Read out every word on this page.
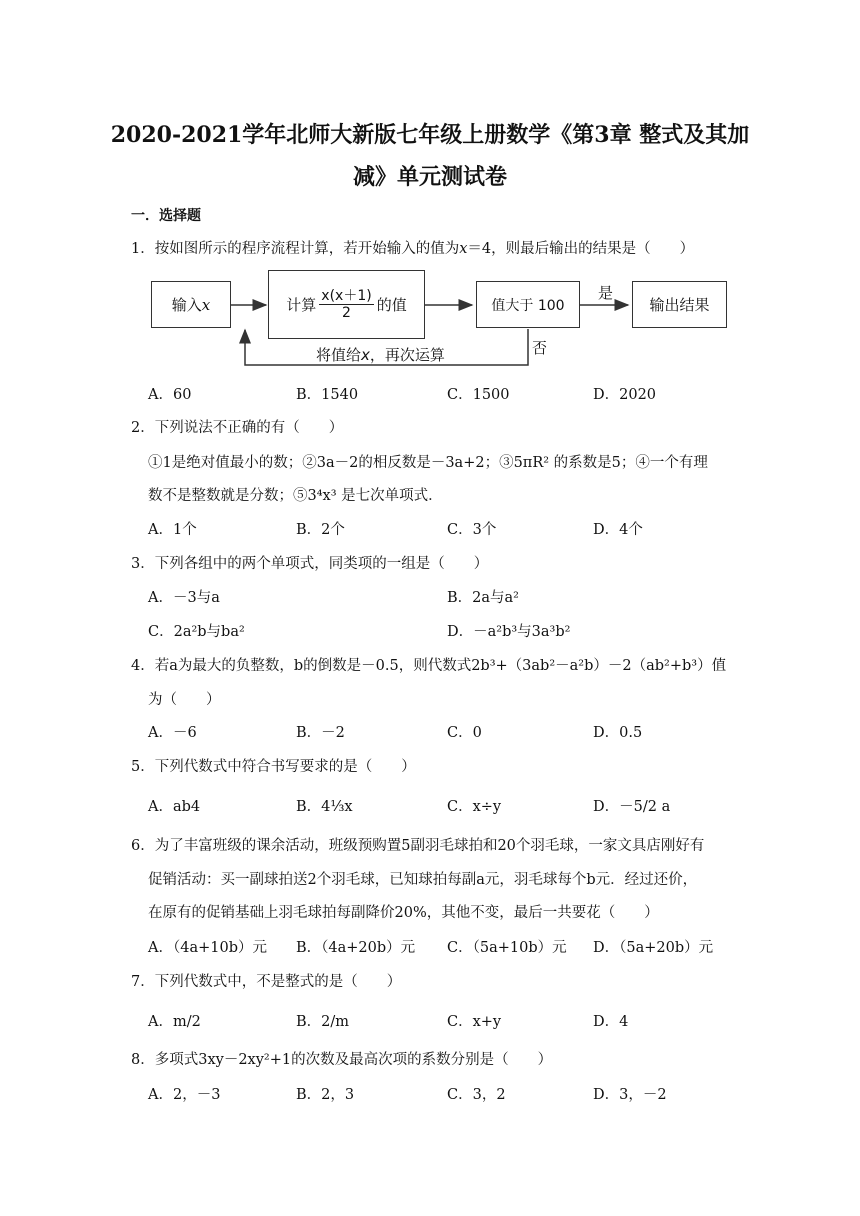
2020-2021学年北师大新版七年级上册数学《第3章 整式及其加
减》单元测试卷
一．选择题
1．按如图所示的程序流程计算，若开始输入的值为x＝4，则最后输出的结果是（　　）
输入 x	计算 $\frac{x(x+1)}{2}$ 的值	值大于 100
是
输出结果
否
将值给x，再次运算
A．60	B．1540	C．1500	D．2020
2．下列说法不正确的有（　　）
①1是绝对值最小的数；②3a－2的相反数是－3a+2；③5πR² 的系数是5；④一个有理
数不是整数就是分数；⑤3⁴x³ 是七次单项式．
A．1个	B．2个	C．3个	D．4个
3．下列各组中的两个单项式，同类项的一组是（　　）
A．－3与a	B．2a与a²
C．2a²b与ba²	D．－a²b³与3a³b²
4．若a为最大的负整数，b的倒数是－0.5，则代数式2b³+（3ab²－a²b）－2（ab²+b³）值
为（　　）
A．－6	B．－2	C．0	D．0.5
5．下列代数式中符合书写要求的是（　　）
A．ab4	B．4⅓x	C．x÷y	D．－5/2 a
6．为了丰富班级的课余活动，班级预购置5副羽毛球拍和20个羽毛球，一家文具店刚好有
促销活动：买一副球拍送2个羽毛球，已知球拍每副a元，羽毛球每个b元．经过还价，
在原有的促销基础上羽毛球拍每副降价20%，其他不变，最后一共要花（　　）
A．（4a+10b）元 B．（4a+20b）元 C．（5a+10b）元 D．（5a+20b）元
7．下列代数式中，不是整式的是（　　）
A．m/2	B．2/m	C．x+y	D．4
8．多项式3xy－2xy²+1的次数及最高次项的系数分别是（　　）
A．2，－3	B．2，3	C．3，2	D．3，－2
